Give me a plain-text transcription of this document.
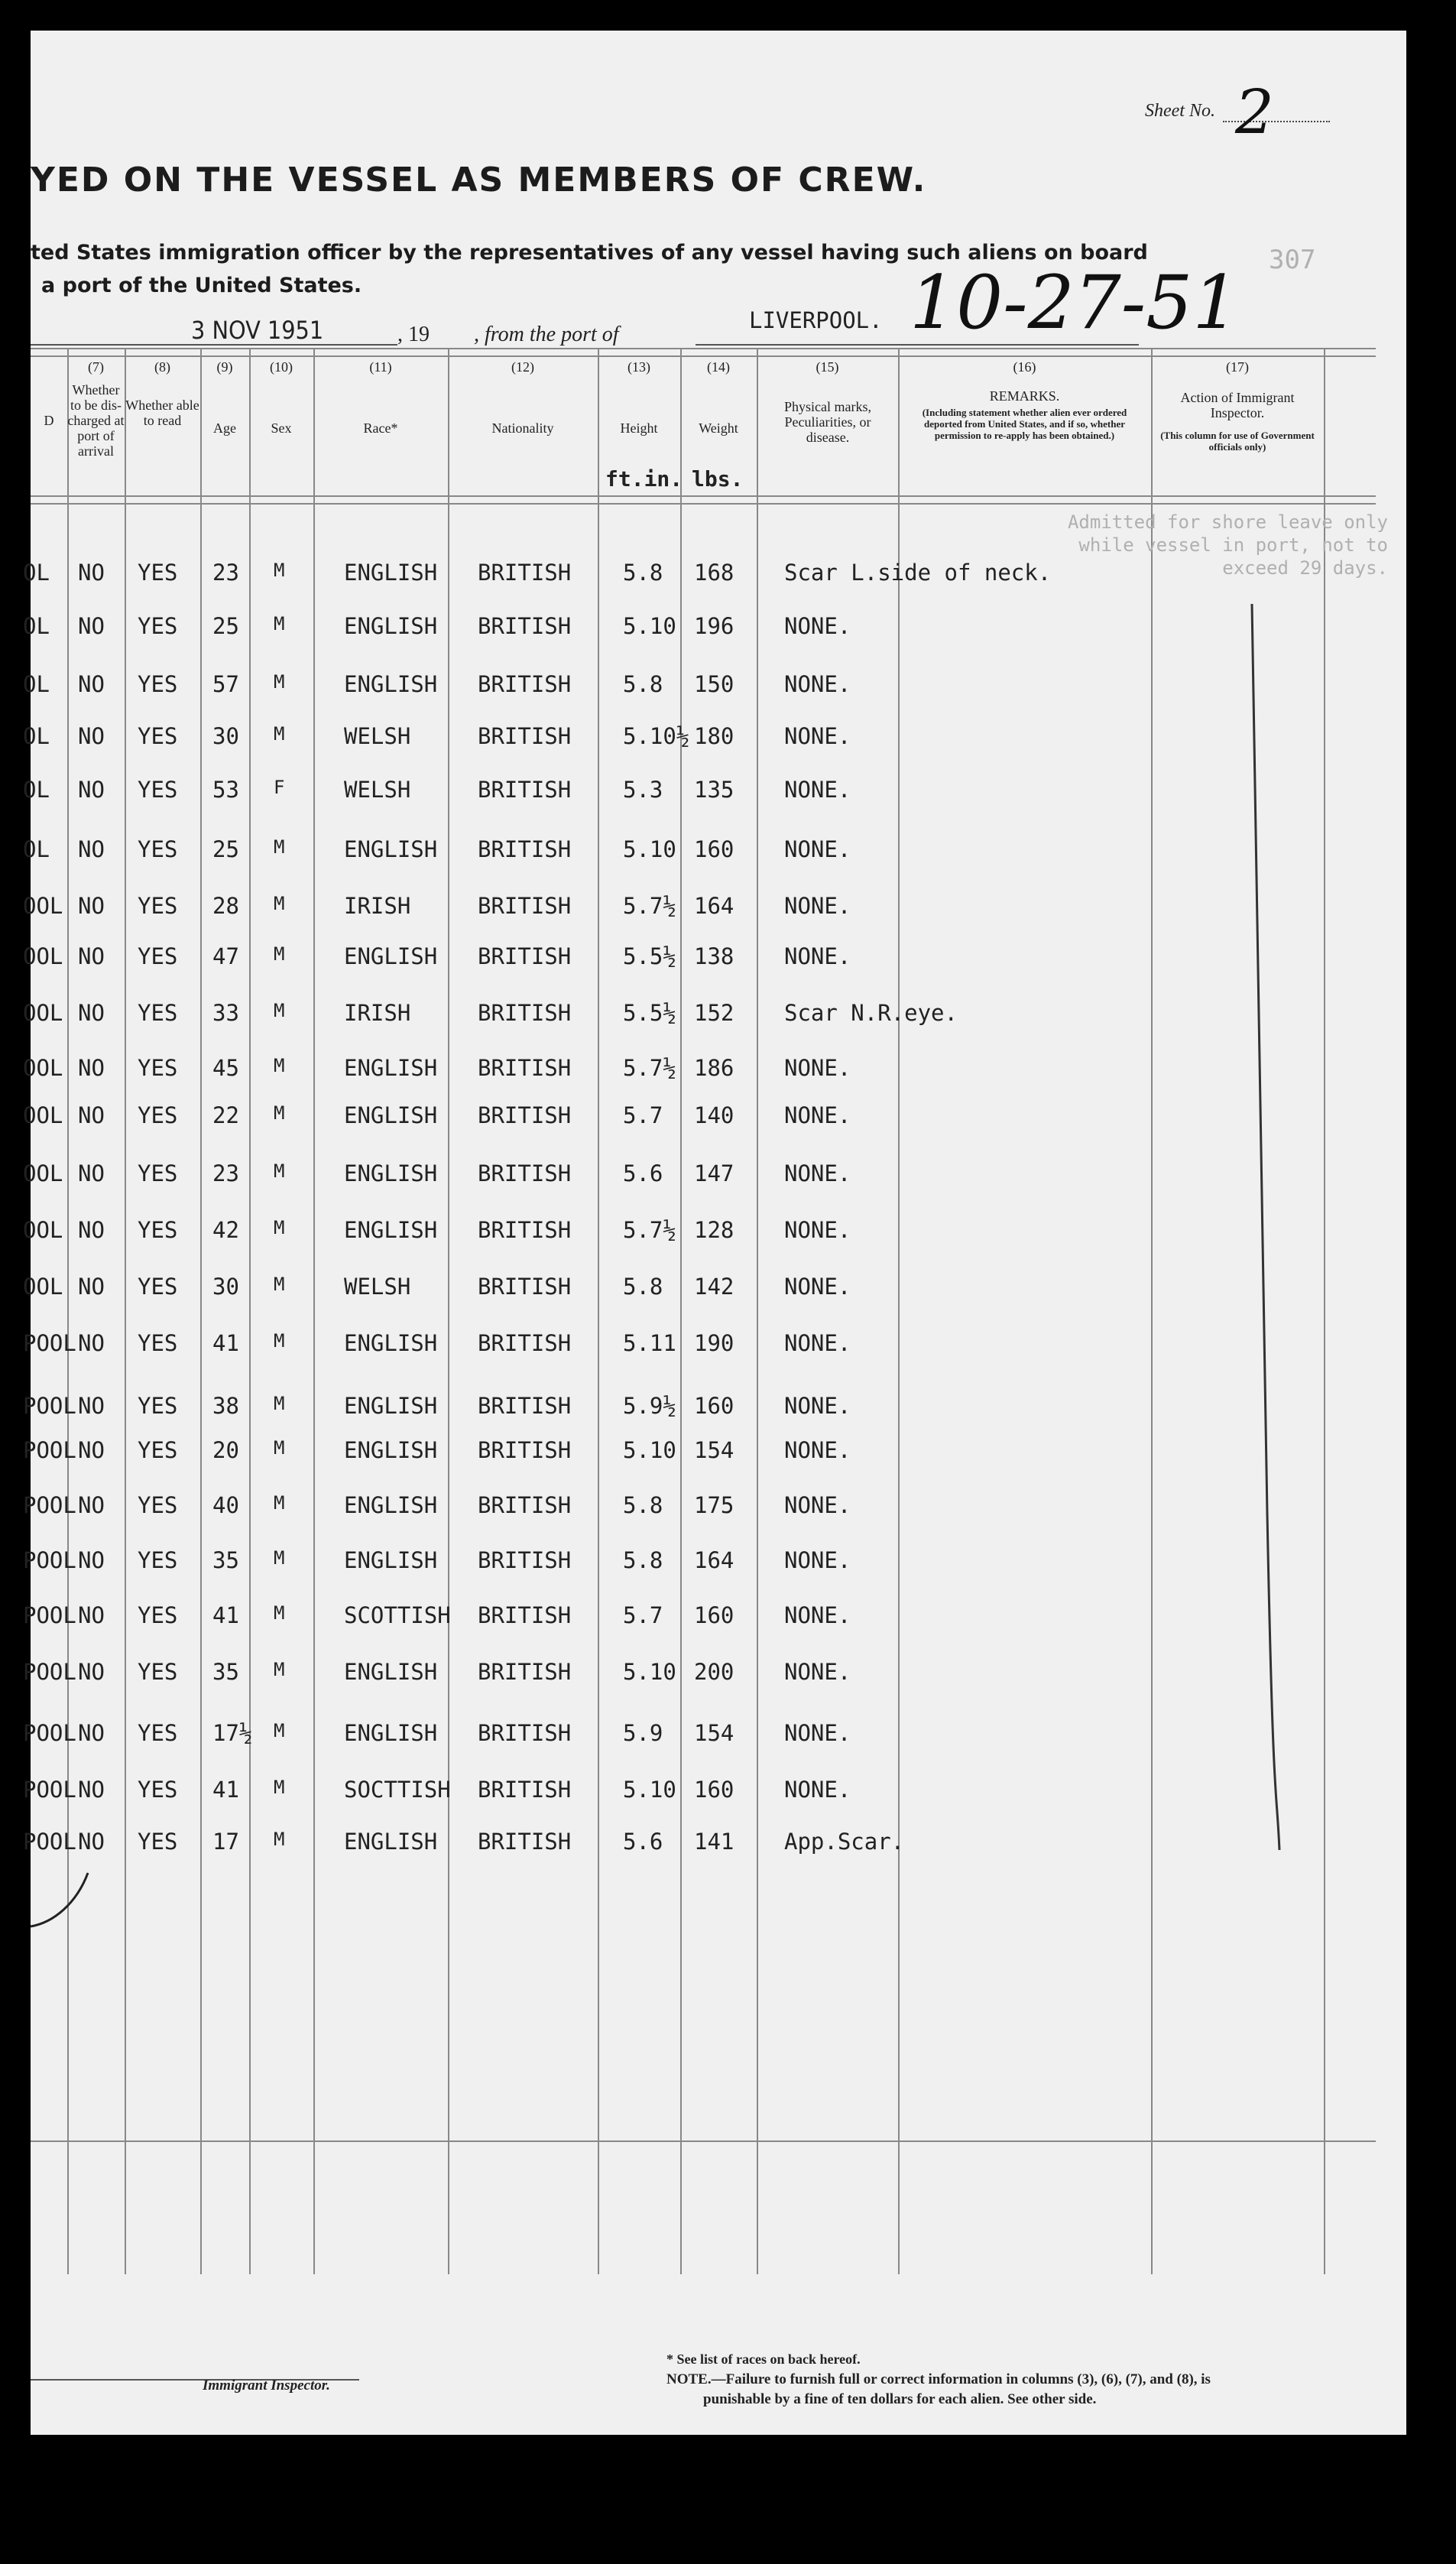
Sheet No. 2
307
YED ON THE VESSEL AS MEMBERS OF CREW.
ted States immigration officer by the representatives of any vessel having such aliens on board
a port of the United States.
3 NOV 1951	, 19 , from the port of
LIVERPOOL. 10-27-51
D
(7)
Whether to be dis-charged at port of arrival
(8)
Whether able to read
(9)
Age
(10)
Sex
(11)
Race*
(12)
Nationality
(13)
Height
(14)
Weight
(15)
Physical marks, Peculiarities, or disease.
(16)
REMARKS.
(Including statement whether alien ever ordered deported from United States, and if so, whether permission to re-apply has been obtained.)
(17)
Action of Immigrant Inspector.
(This column for use of Government officials only)
ft.in. lbs.
OL NO YES 23 M	ENGLISH BRITISH 5.8 168 Scar L.side of neck.
OL NO YES 25 M	ENGLISH BRITISH 5.10 196 NONE.
OL NO YES 57 M	ENGLISH BRITISH 5.8 150 NONE.
OL NO YES 30 M	WELSH	BRITISH 5.10½ 180 NONE.
OL NO YES 53 F	WELSH	BRITISH 5.3 135 NONE.
OL NO YES 25 M	ENGLISH BRITISH 5.10 160 NONE.
OOL NO YES 28 M	IRISH	BRITISH 5.7½ 164 NONE.
OOL NO YES 47 M	ENGLISH BRITISH 5.5½ 138 NONE.
OOL NO YES 33 M	IRISH	BRITISH 5.5½ 152 Scar N.R.eye.
OOL NO YES 45 M	ENGLISH BRITISH 5.7½ 186 NONE.
OOL NO YES 22 M	ENGLISH BRITISH 5.7 140 NONE.
OOL NO YES 23 M	ENGLISH BRITISH 5.6 147 NONE.
OOL NO YES 42 M	ENGLISH BRITISH 5.7½ 128 NONE.
OOL NO YES 30 M	WELSH	BRITISH 5.8 142 NONE.
POOL NO YES 41 M	ENGLISH BRITISH 5.11 190 NONE.
POOL NO YES 38 M	ENGLISH BRITISH 5.9½ 160 NONE.
POOL NO YES 20 M	ENGLISH BRITISH 5.10 154 NONE.
POOL NO YES 40 M	ENGLISH BRITISH 5.8 175 NONE.
POOL NO YES 35 M	ENGLISH BRITISH 5.8 164 NONE.
POOL NO YES 41 M	SCOTTISH BRITISH 5.7 160 NONE.
POOL NO YES 35 M	ENGLISH BRITISH 5.10 200 NONE.
POOL NO YES 17½ M	ENGLISH BRITISH 5.9 154 NONE.
POOL NO YES 41 M	SOCTTISH BRITISH 5.10 160 NONE.
POOL NO YES 17 M	ENGLISH BRITISH 5.6 141 App.Scar.
Admitted for shore leave only while vessel in port, not to exceed 29 days.
Immigrant Inspector.
* See list of races on back hereof.
NOTE.—Failure to furnish full or correct information in columns (3), (6), (7), and (8), is
punishable by a fine of ten dollars for each alien. See other side.
